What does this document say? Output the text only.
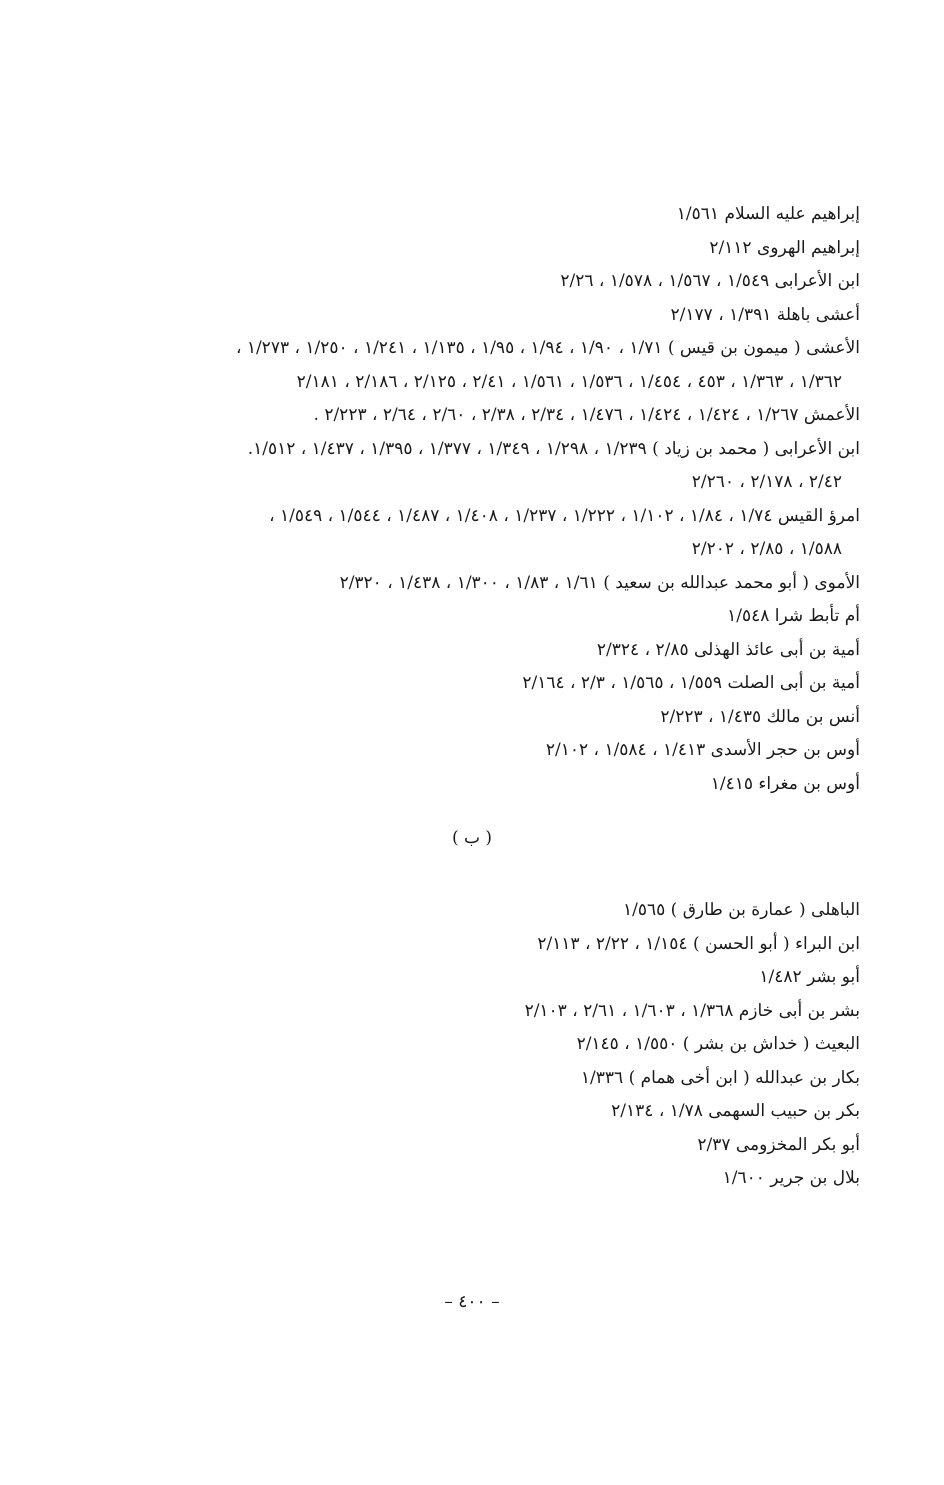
إبراهيم عليه السلام ١/٥٦١
إبراهيم الهروى ٢/١١٢
ابن الأعرابى ١/٥٤٩ ، ١/٥٦٧ ، ١/٥٧٨ ، ٢/٢٦
أعشى باهلة ١/٣٩١ ، ٢/١٧٧
الأعشى ( ميمون بن قيس ) ١/٧١ ، ١/٩٠ ، ١/٩٤ ، ١/٩٥ ، ١/١٣٥ ، ١/٢٤١ ، ١/٢٥٠ ، ١/٢٧٣ ،
١/٣٦٢ ، ١/٣٦٣ ، ٤٥٣ ، ١/٤٥٤ ، ١/٥٣٦ ، ١/٥٦١ ، ٢/٤١ ، ٢/١٢٥ ، ٢/١٨٦ ، ٢/١٨١
الأعمش ١/٢٦٧ ، ١/٤٢٤ ، ١/٤٢٤ ، ١/٤٧٦ ، ٢/٣٤ ، ٢/٣٨ ، ٢/٦٠ ، ٢/٦٤ ، ٢/٢٢٣ .
ابن الأعرابى ( محمد بن زياد ) ١/٢٣٩ ، ١/٢٩٨ ، ١/٣٤٩ ، ١/٣٧٧ ، ١/٣٩٥ ، ١/٤٣٧ ، ١/٥١٢.
٢/٤٢ ، ٢/١٧٨ ، ٢/٢٦٠
امرؤ القيس ١/٧٤ ، ١/٨٤ ، ١/١٠٢ ، ١/٢٢٢ ، ١/٢٣٧ ، ١/٤٠٨ ، ١/٤٨٧ ، ١/٥٤٤ ، ١/٥٤٩ ،
١/٥٨٨ ، ٢/٨٥ ، ٢/٢٠٢
الأموى ( أبو محمد عبدالله بن سعيد ) ١/٦١ ، ١/٨٣ ، ١/٣٠٠ ، ١/٤٣٨ ، ٢/٣٢٠
أم تأبط شرا ١/٥٤٨
أمية بن أبى عائذ الهذلى ٢/٨٥ ، ٢/٣٢٤
أمية بن أبى الصلت ١/٥٥٩ ، ١/٥٦٥ ، ٢/٣ ، ٢/١٦٤
أنس بن مالك ١/٤٣٥ ، ٢/٢٢٣
أوس بن حجر الأسدى ١/٤١٣ ، ١/٥٨٤ ، ٢/١٠٢
أوس بن مغراء ١/٤١٥
( ب )
الباهلى ( عمارة بن طارق ) ١/٥٦٥
ابن البراء ( أبو الحسن ) ١/١٥٤ ، ٢/٢٢ ، ٢/١١٣
أبو بشر ١/٤٨٢
بشر بن أبى خازم ١/٣٦٨ ، ١/٦٠٣ ، ٢/٦١ ، ٢/١٠٣
البعيث ( خداش بن بشر ) ١/٥٥٠ ، ٢/١٤٥
بكار بن عبدالله ( ابن أخى همام ) ١/٣٣٦
بكر بن حبيب السهمى ١/٧٨ ، ٢/١٣٤
أبو بكر المخزومى ٢/٣٧
بلال بن جرير ١/٦٠٠
– ٤٠٠ –
